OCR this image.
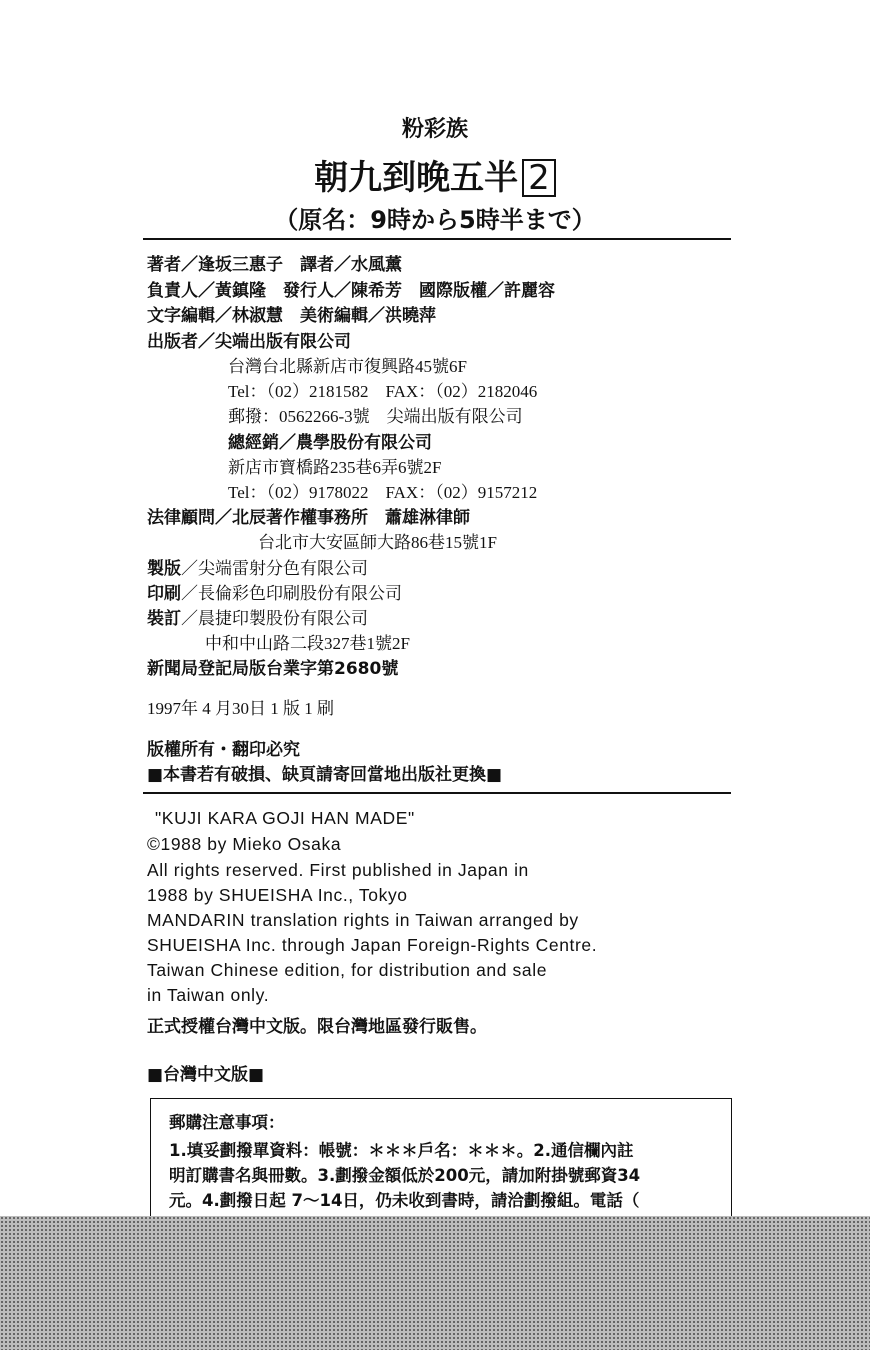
粉彩族
朝九到晚五半 2
（原名：9時から5時半まで）
著者／逢坂三惠子　 譯者／水風薰
負責人／黃鎮隆　 發行人／陳希芳　 國際版權／許麗容
文字編輯／林淑慧　 美術編輯／洪曉萍
出版者／尖端出版有限公司
台灣台北縣新店市復興路45號6F
Tel：（02）2181582　FAX：（02）2182046
郵撥：0562266-3號　尖端出版有限公司
總經銷／農學股份有限公司
新店市寶橋路235巷6弄6號2F
Tel：（02）9178022　FAX：（02）9157212
法律顧問／北辰著作權事務所　蕭雄淋律師
台北市大安區師大路86巷15號1F
製版／尖端雷射分色有限公司
印刷／長倫彩色印刷股份有限公司
裝訂／晨捷印製股份有限公司
中和中山路二段327巷1號2F
新聞局登記局版台業字第2680號
1997年 4 月30日 1 版 1 刷
版權所有・翻印必究
■本書若有破損、缺頁請寄回當地出版社更換■
"KUJI KARA GOJI HAN MADE"
©1988 by Mieko Osaka
All rights reserved. First published in Japan in
1988 by SHUEISHA Inc., Tokyo
MANDARIN translation rights in Taiwan arranged by
SHUEISHA Inc. through Japan Foreign-Rights Centre.
Taiwan Chinese edition, for distribution and sale
in Taiwan only.
正式授權台灣中文版。限台灣地區發行販售。
■台灣中文版■
郵購注意事項：
1.填妥劃撥單資料：帳號：＊＊＊戶名：＊＊＊。2.通信欄內註
明訂購書名與冊數。3.劃撥金額低於200元，請加附掛號郵資34
元。4.劃撥日起 7～14日，仍未收到書時，請洽劃撥組。電話（
